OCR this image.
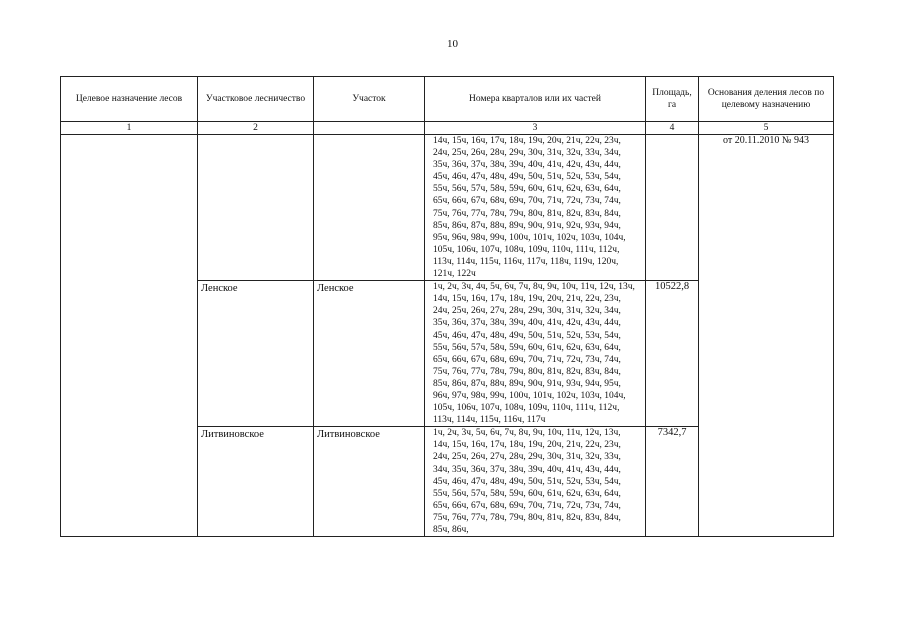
10
Целевое назначение лесов	Участковое лесничество	Участок	Номера кварталов или их частей	Площадь, га	Основания деления лесов по целевому назначению
1	2		3	4	5
			14ч, 15ч, 16ч, 17ч, 18ч, 19ч, 20ч, 21ч, 22ч, 23ч, 24ч, 25ч, 26ч, 28ч, 29ч, 30ч, 31ч, 32ч, 33ч, 34ч, 35ч, 36ч, 37ч, 38ч, 39ч, 40ч, 41ч, 42ч, 43ч, 44ч, 45ч, 46ч, 47ч, 48ч, 49ч, 50ч, 51ч, 52ч, 53ч, 54ч, 55ч, 56ч, 57ч, 58ч, 59ч, 60ч, 61ч, 62ч, 63ч, 64ч, 65ч, 66ч, 67ч, 68ч, 69ч, 70ч, 71ч, 72ч, 73ч, 74ч, 75ч, 76ч, 77ч, 78ч, 79ч, 80ч, 81ч, 82ч, 83ч, 84ч, 85ч, 86ч, 87ч, 88ч, 89ч, 90ч, 91ч, 92ч, 93ч, 94ч, 95ч, 96ч, 98ч, 99ч, 100ч, 101ч, 102ч, 103ч, 104ч, 105ч, 106ч, 107ч, 108ч, 109ч, 110ч, 111ч, 112ч, 113ч, 114ч, 115ч, 116ч, 117ч, 118ч, 119ч, 120ч, 121ч, 122ч		от 20.11.2010 № 943
	Ленское	Ленское	1ч, 2ч, 3ч, 4ч, 5ч, 6ч, 7ч, 8ч, 9ч, 10ч, 11ч, 12ч, 13ч, 14ч, 15ч, 16ч, 17ч, 18ч, 19ч, 20ч, 21ч, 22ч, 23ч, 24ч, 25ч, 26ч, 27ч, 28ч, 29ч, 30ч, 31ч, 32ч, 34ч, 35ч, 36ч, 37ч, 38ч, 39ч, 40ч, 41ч, 42ч, 43ч, 44ч, 45ч, 46ч, 47ч, 48ч, 49ч, 50ч, 51ч, 52ч, 53ч, 54ч, 55ч, 56ч, 57ч, 58ч, 59ч, 60ч, 61ч, 62ч, 63ч, 64ч, 65ч, 66ч, 67ч, 68ч, 69ч, 70ч, 71ч, 72ч, 73ч, 74ч, 75ч, 76ч, 77ч, 78ч, 79ч, 80ч, 81ч, 82ч, 83ч, 84ч, 85ч, 86ч, 87ч, 88ч, 89ч, 90ч, 91ч, 93ч, 94ч, 95ч, 96ч, 97ч, 98ч, 99ч, 100ч, 101ч, 102ч, 103ч, 104ч, 105ч, 106ч, 107ч, 108ч, 109ч, 110ч, 111ч, 112ч, 113ч, 114ч, 115ч, 116ч, 117ч	10522,8	
	Литвиновское	Литвиновское	1ч, 2ч, 3ч, 5ч, 6ч, 7ч, 8ч, 9ч, 10ч, 11ч, 12ч, 13ч, 14ч, 15ч, 16ч, 17ч, 18ч, 19ч, 20ч, 21ч, 22ч, 23ч, 24ч, 25ч, 26ч, 27ч, 28ч, 29ч, 30ч, 31ч, 32ч, 33ч, 34ч, 35ч, 36ч, 37ч, 38ч, 39ч, 40ч, 41ч, 43ч, 44ч, 45ч, 46ч, 47ч, 48ч, 49ч, 50ч, 51ч, 52ч, 53ч, 54ч, 55ч, 56ч, 57ч, 58ч, 59ч, 60ч, 61ч, 62ч, 63ч, 64ч, 65ч, 66ч, 67ч, 68ч, 69ч, 70ч, 71ч, 72ч, 73ч, 74ч, 75ч, 76ч, 77ч, 78ч, 79ч, 80ч, 81ч, 82ч, 83ч, 84ч, 85ч, 86ч,	7342,7	
